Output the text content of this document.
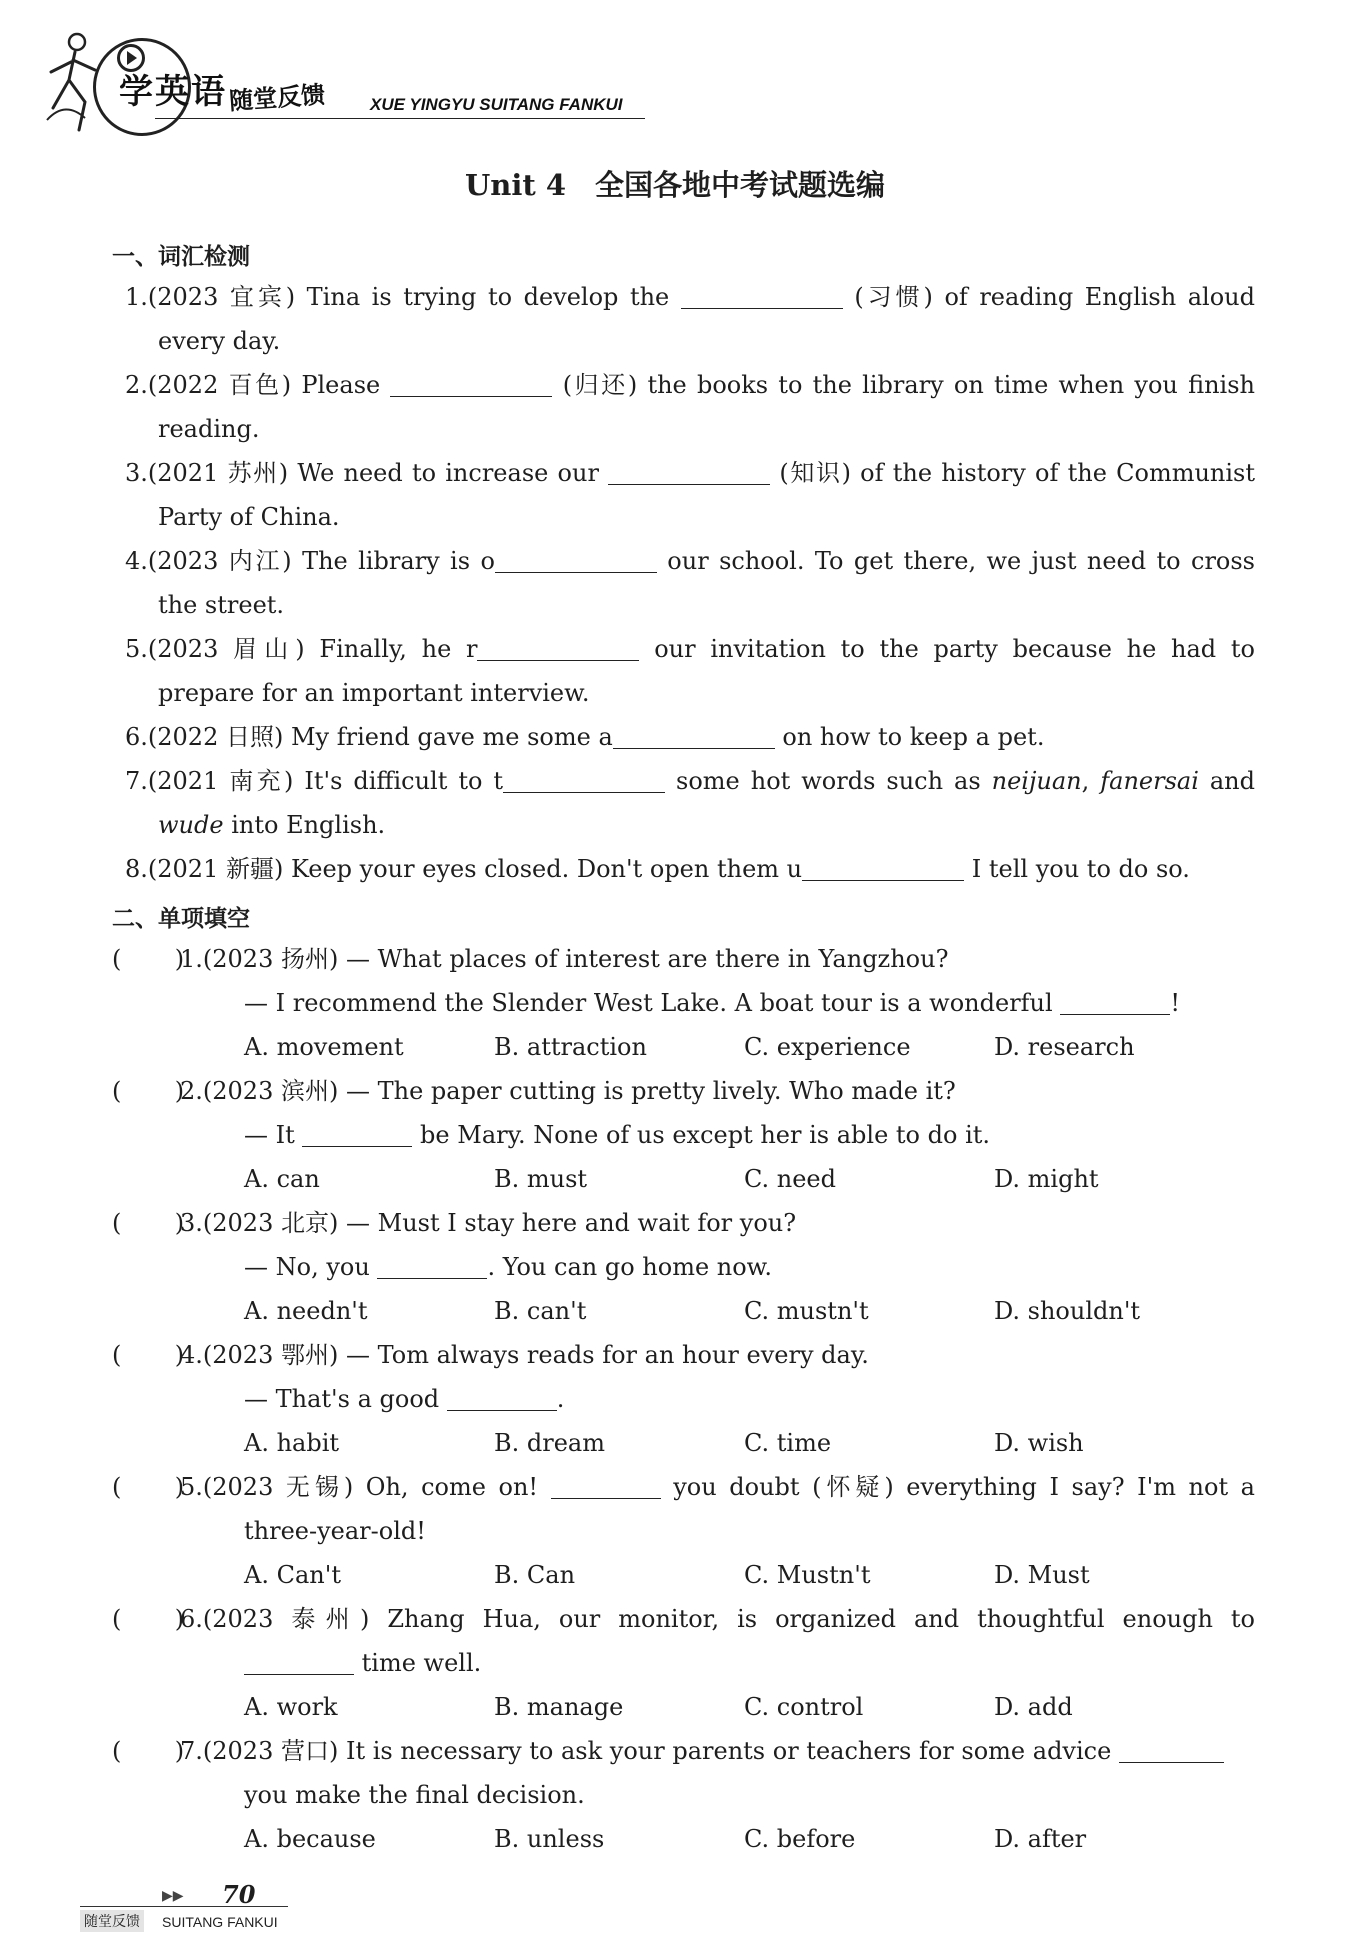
学英语 随堂反馈	XUE YINGYU SUITANG FANKUI
Unit 4　全国各地中考试题选编
一、词汇检测
1.(2023 宜宾) Tina is trying to develop the	(习惯) of reading English aloud
every day.
2.(2022 百色) Please	(归还) the books to the library on time when you finish
reading.
3.(2021 苏州) We need to increase our	(知识) of the history of the Communist
Party of China.
4.(2023 内江) The library is o	our school. To get there, we just need to cross
the street.
5.(2023 眉山) Finally, he r	our invitation to the party because he had to
prepare for an important interview.
6.(2022 日照) My friend gave me some a	on how to keep a pet.
7.(2021 南充) It's difficult to t	some hot words such as neijuan, fanersai and
wude into English.
8.(2021 新疆) Keep your eyes closed. Don't open them u	I tell you to do so.
二、单项填空
(       )
1.(2023 扬州) — What places of interest are there in Yangzhou?
— I recommend the Slender West Lake. A boat tour is a wonderful	!
A. movement	B. attraction	C. experience	D. research
(       )
2.(2023 滨州) — The paper cutting is pretty lively. Who made it?
— It	be Mary. None of us except her is able to do it.
A. can	B. must	C. need	D. might
(       )
3.(2023 北京) — Must I stay here and wait for you?
— No, you	. You can go home now.
A. needn't	B. can't	C. mustn't	D. shouldn't
(       )
4.(2023 鄂州) — Tom always reads for an hour every day.
— That's a good	.
A. habit	B. dream	C. time	D. wish
(       )
5.(2023 无锡) Oh, come on!	you doubt (怀疑) everything I say? I'm not a
three-year-old!
A. Can't	B. Can	C. Mustn't	D. Must
(       )
6.(2023 泰州) Zhang Hua, our monitor, is organized and thoughtful enough to
time well.
A. work	B. manage	C. control	D. add
(       )
7.(2023 营口) It is necessary to ask your parents or teachers for some advice
you make the final decision.
A. because	B. unless	C. before	D. after
▶▶ 70
随堂反馈 SUITANG FANKUI
